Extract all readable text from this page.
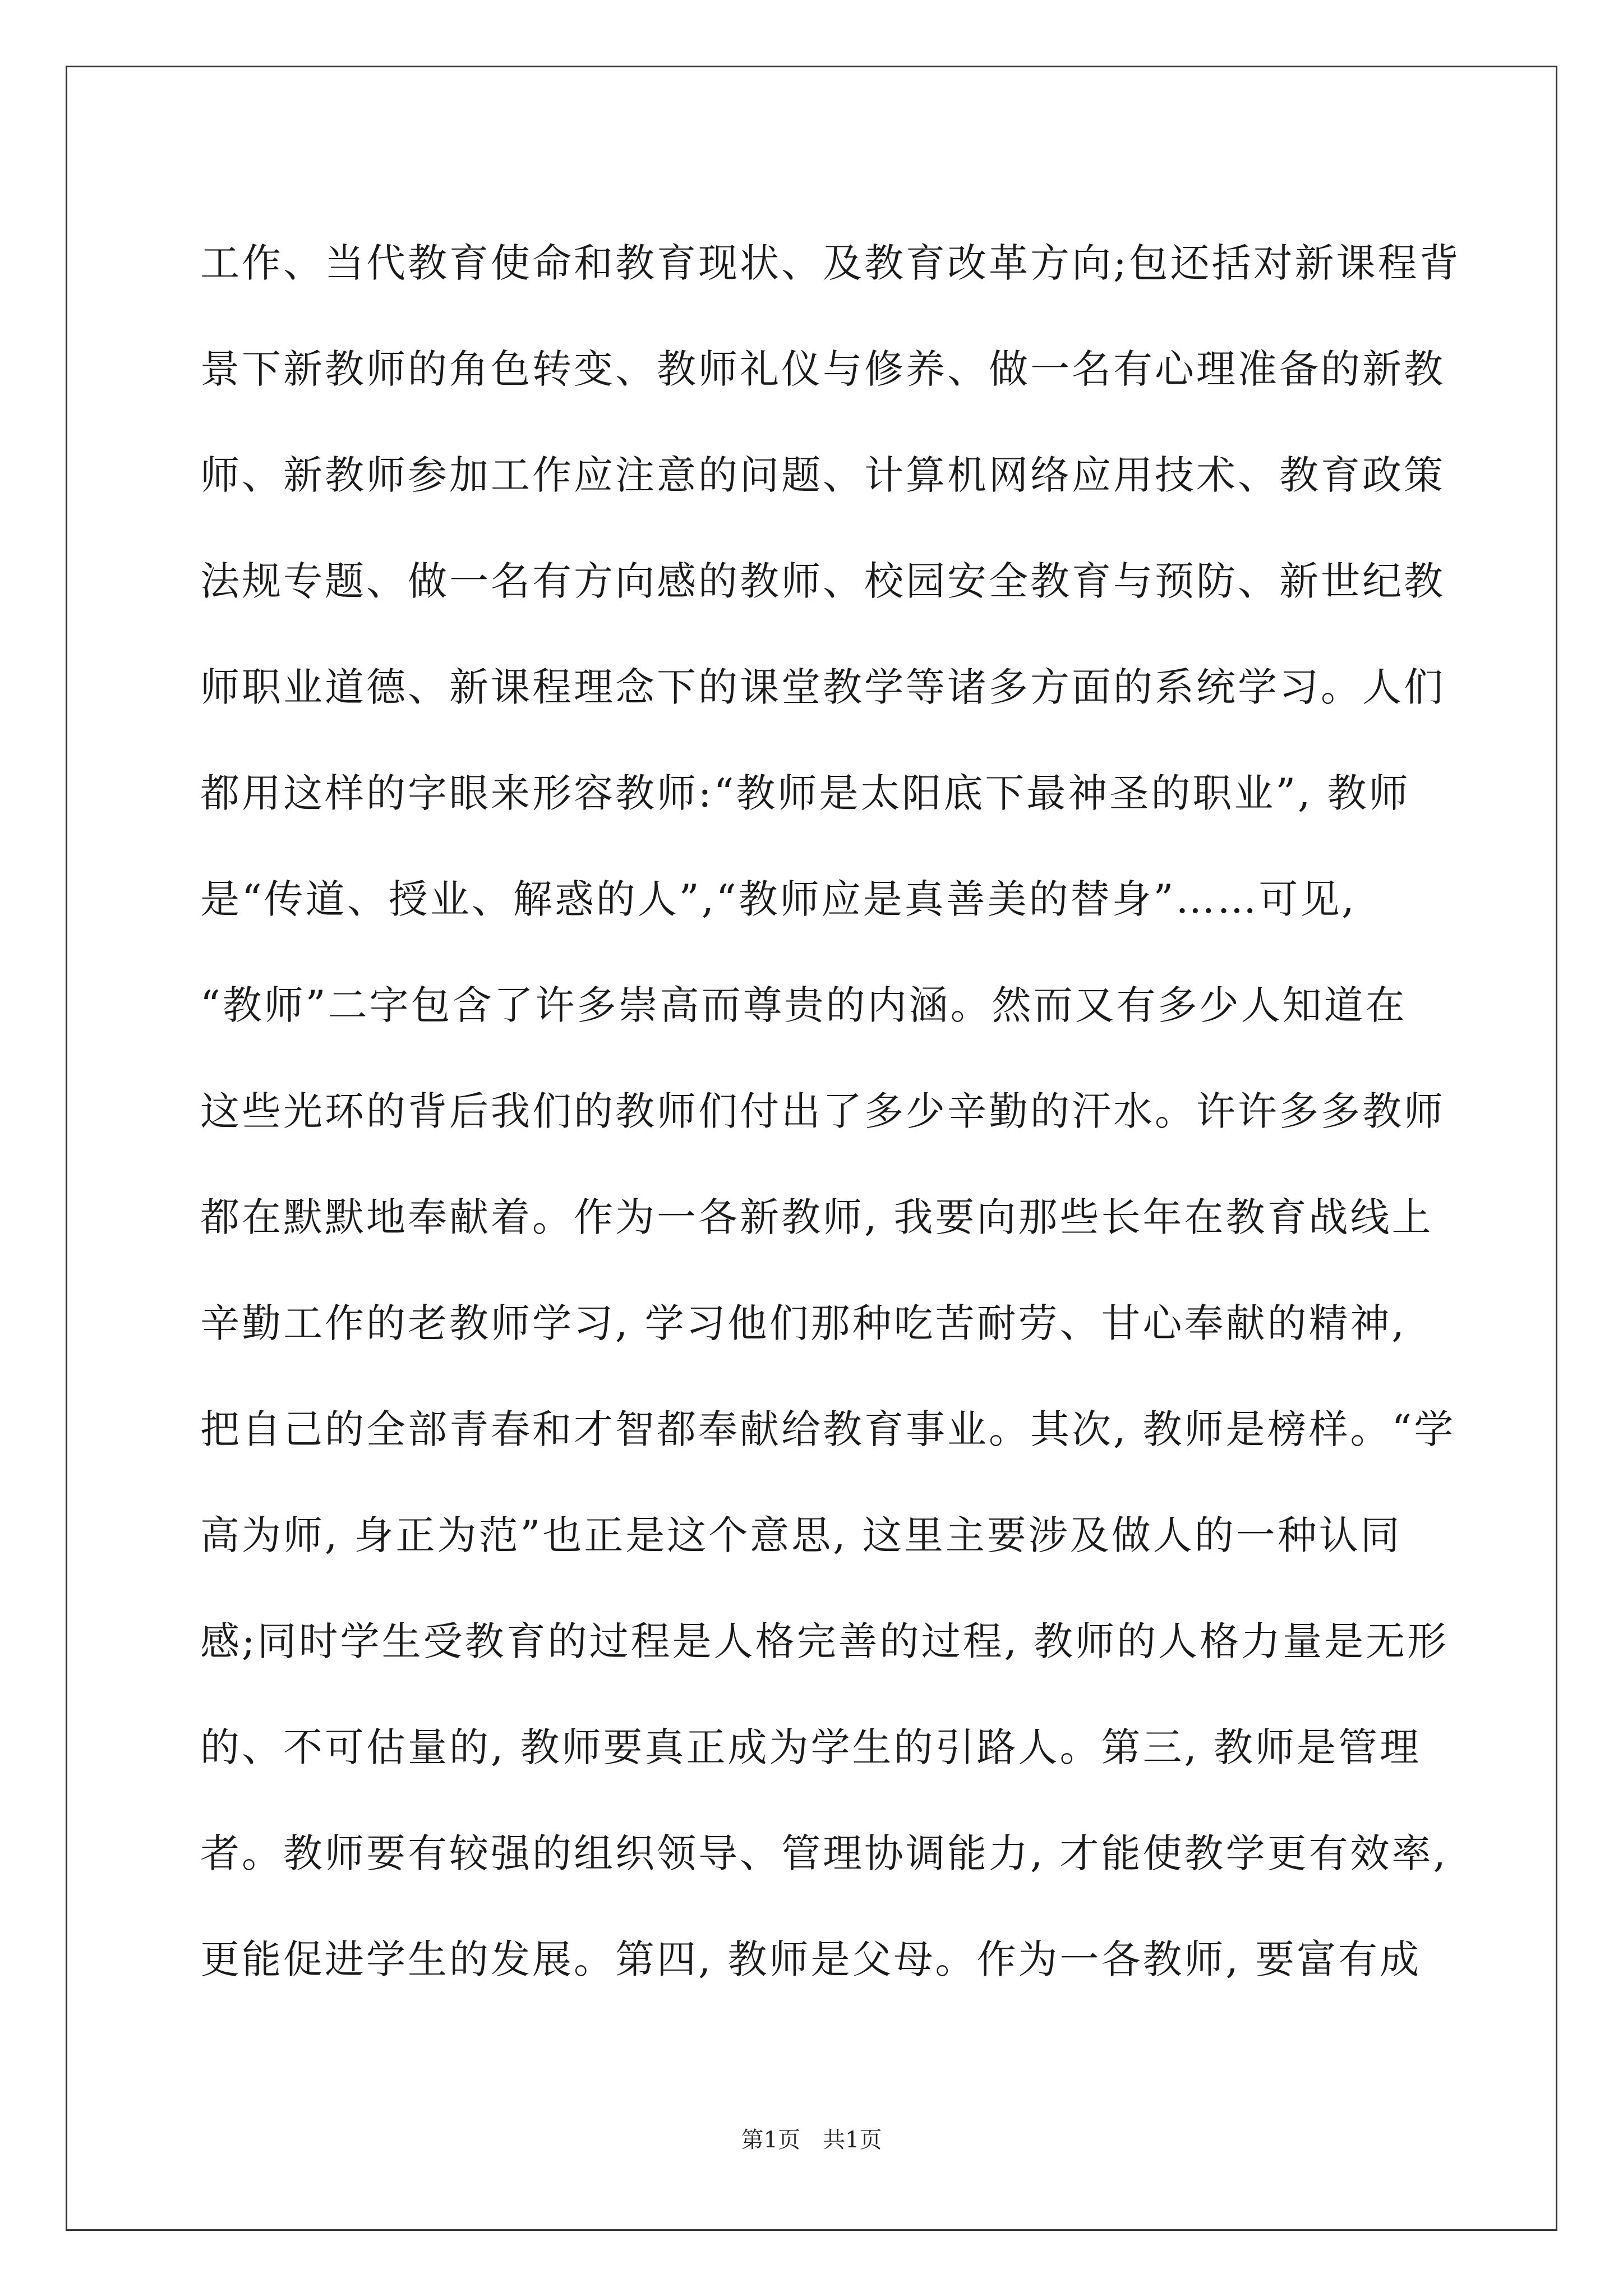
工作、当代教育使命和教育现状、及教育改革方向;包还括对新课程背
景下新教师的角色转变、教师礼仪与修养、做一名有心理准备的新教
师、新教师参加工作应注意的问题、计算机网络应用技术、教育政策
法规专题、做一名有方向感的教师、校园安全教育与预防、新世纪教
师职业道德、新课程理念下的课堂教学等诸多方面的系统学习。人们
都用这样的字眼来形容教师:“教师是太阳底下最神圣的职业”, 教师
是“传道、授业、解惑的人”,“教师应是真善美的替身”……可见,
“教师”二字包含了许多崇高而尊贵的内涵。然而又有多少人知道在
这些光环的背后我们的教师们付出了多少辛勤的汗水。许许多多教师
都在默默地奉献着。作为一各新教师, 我要向那些长年在教育战线上
辛勤工作的老教师学习, 学习他们那种吃苦耐劳、甘心奉献的精神,
把自己的全部青春和才智都奉献给教育事业。其次, 教师是榜样。“学
高为师, 身正为范”也正是这个意思, 这里主要涉及做人的一种认同
感;同时学生受教育的过程是人格完善的过程, 教师的人格力量是无形
的、不可估量的, 教师要真正成为学生的引路人。第三, 教师是管理
者。教师要有较强的组织领导、管理协调能力, 才能使教学更有效率,
更能促进学生的发展。第四, 教师是父母。作为一各教师, 要富有成
第1页 共1页
